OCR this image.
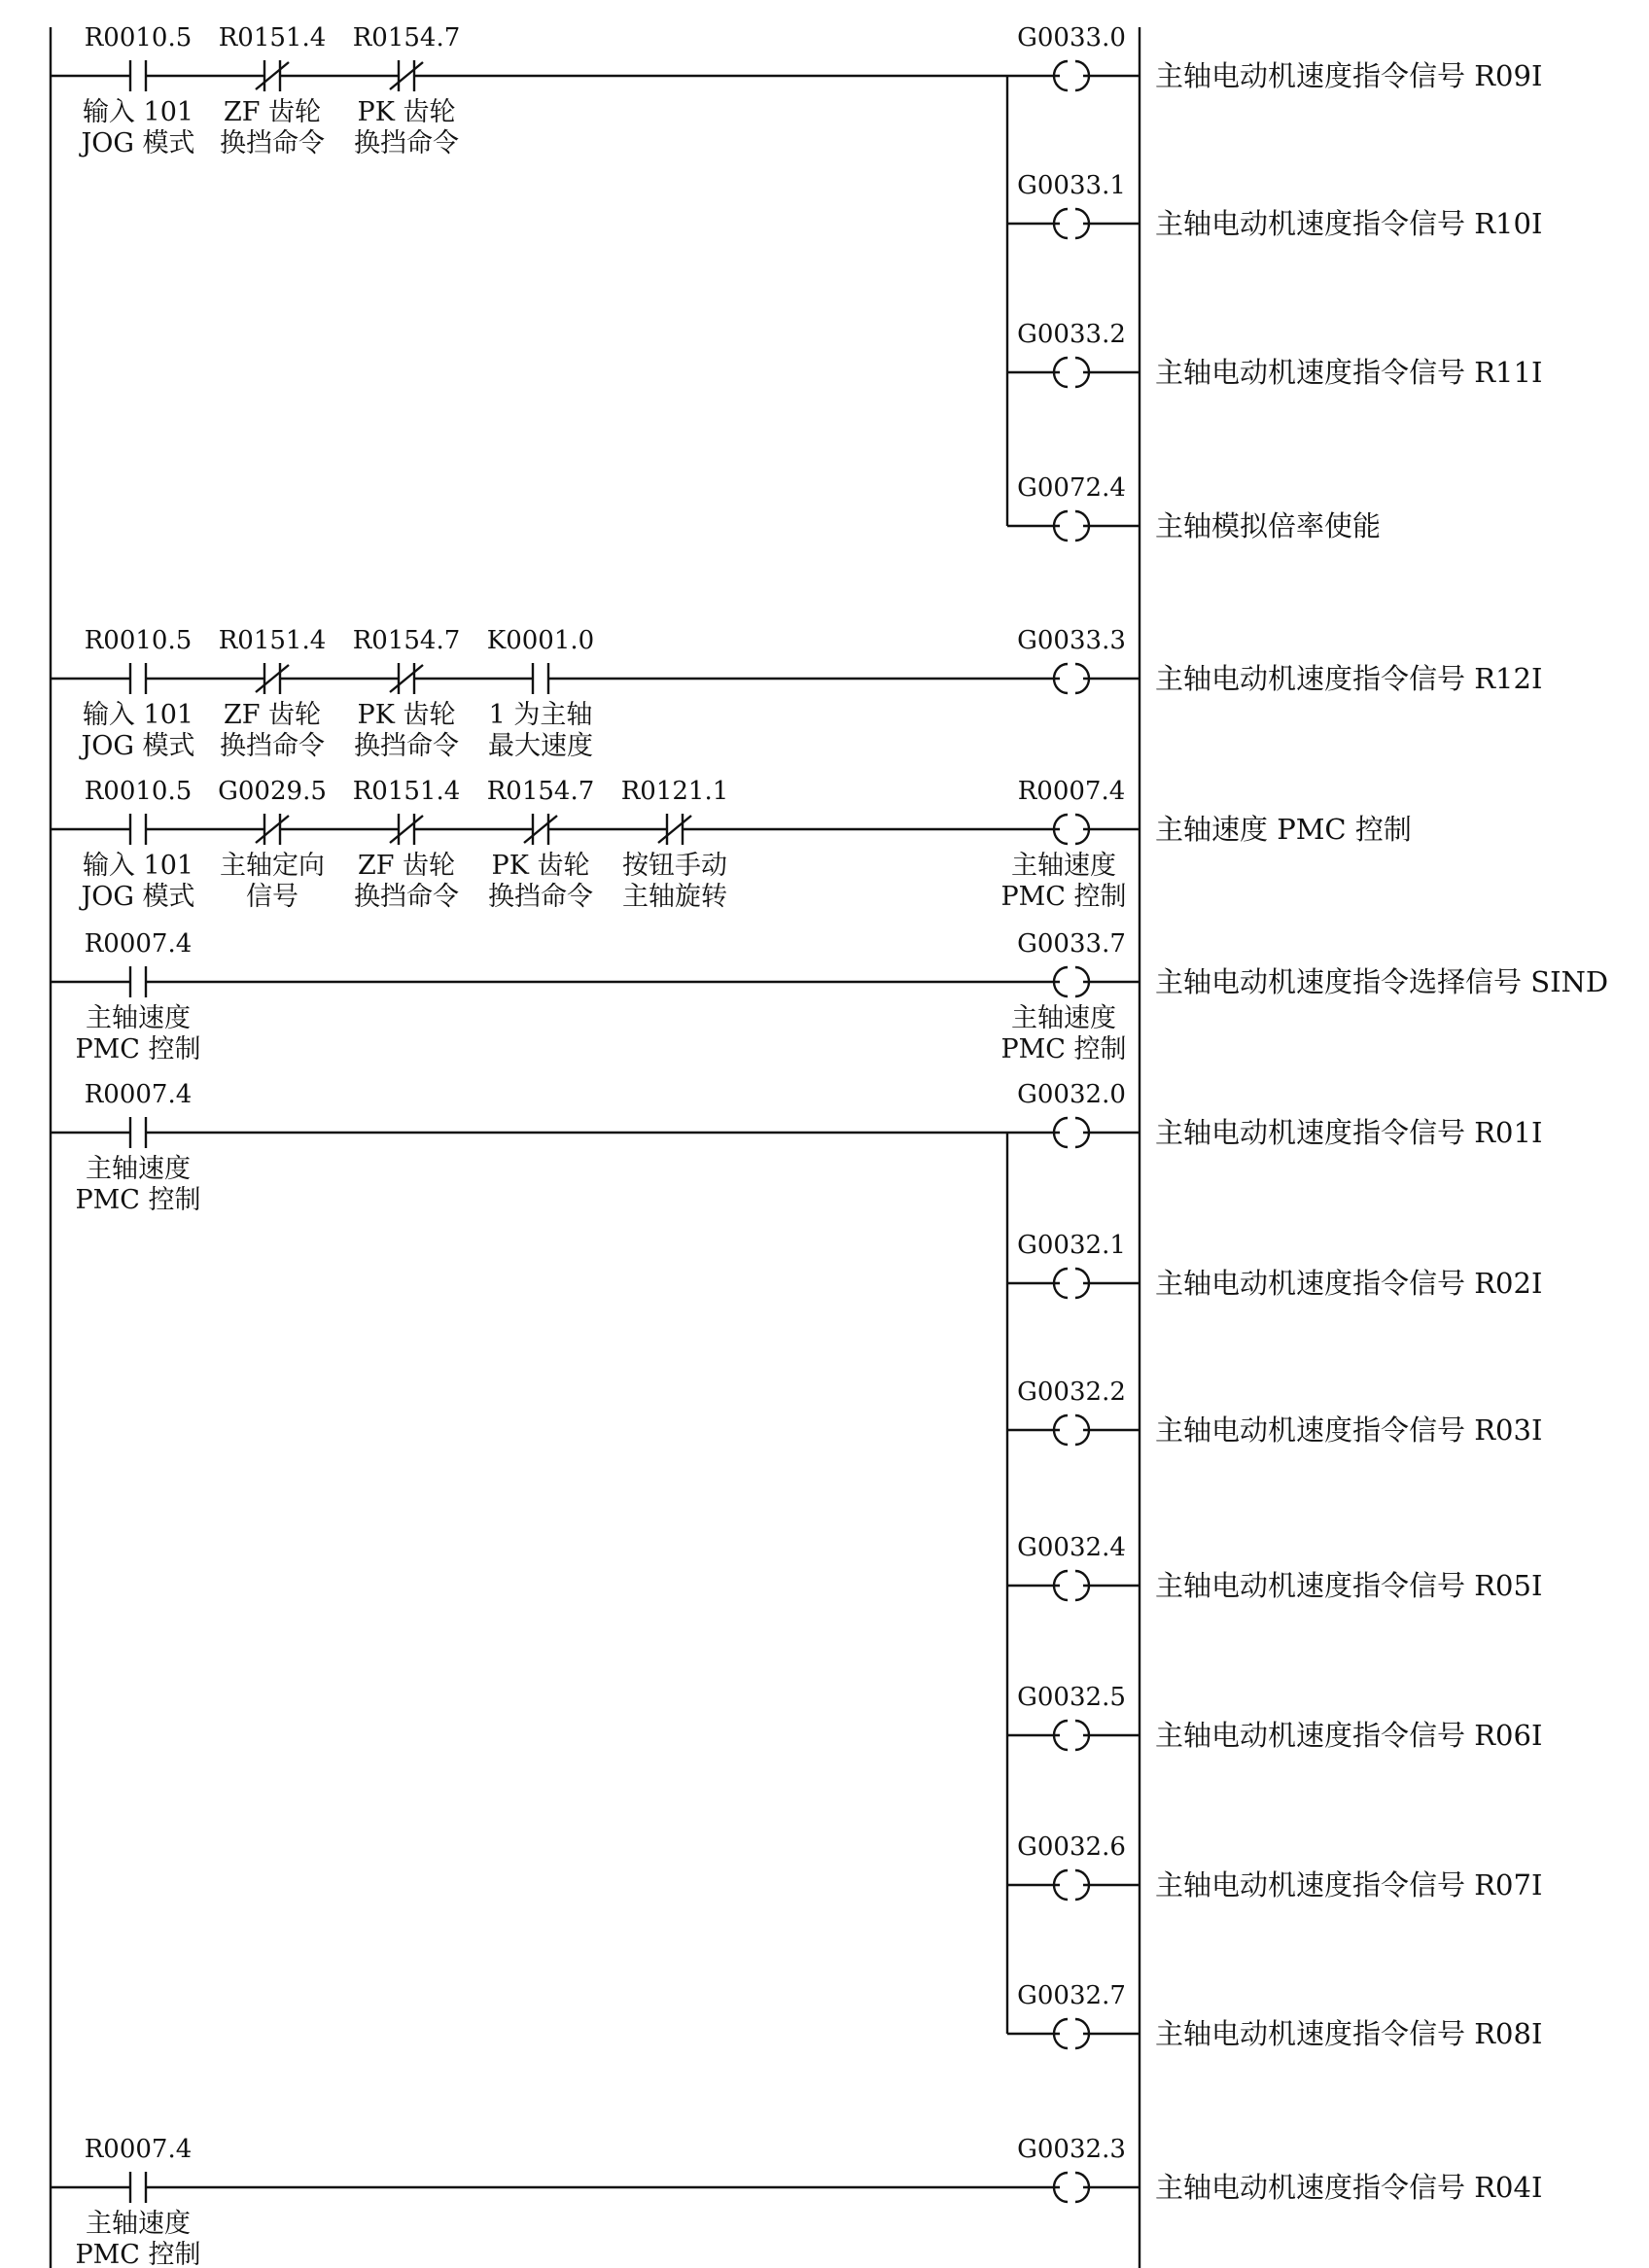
R0010.5
输入 101
JOG 模式
R0151.4
ZF 齿轮
换挡命令
R0154.7
PK 齿轮
换挡命令
G0033.0
主轴电动机速度指令信号 R09I
G0033.1
主轴电动机速度指令信号 R10I
G0033.2
主轴电动机速度指令信号 R11I
G0072.4
主轴模拟倍率使能
R0010.5
输入 101
JOG 模式
R0151.4
ZF 齿轮
换挡命令
R0154.7
PK 齿轮
换挡命令
K0001.0
1 为主轴
最大速度
G0033.3
主轴电动机速度指令信号 R12I
R0010.5
输入 101
JOG 模式
G0029.5
主轴定向
信号
R0151.4
ZF 齿轮
换挡命令
R0154.7
PK 齿轮
换挡命令
R0121.1
按钮手动
主轴旋转
R0007.4
主轴速度
PMC 控制
主轴速度 PMC 控制
R0007.4
主轴速度
PMC 控制
G0033.7
主轴速度
PMC 控制
主轴电动机速度指令选择信号 SIND
R0007.4
主轴速度
PMC 控制
G0032.0
主轴电动机速度指令信号 R01I
G0032.1
主轴电动机速度指令信号 R02I
G0032.2
主轴电动机速度指令信号 R03I
G0032.4
主轴电动机速度指令信号 R05I
G0032.5
主轴电动机速度指令信号 R06I
G0032.6
主轴电动机速度指令信号 R07I
G0032.7
主轴电动机速度指令信号 R08I
R0007.4
主轴速度
PMC 控制
G0032.3
主轴电动机速度指令信号 R04I
